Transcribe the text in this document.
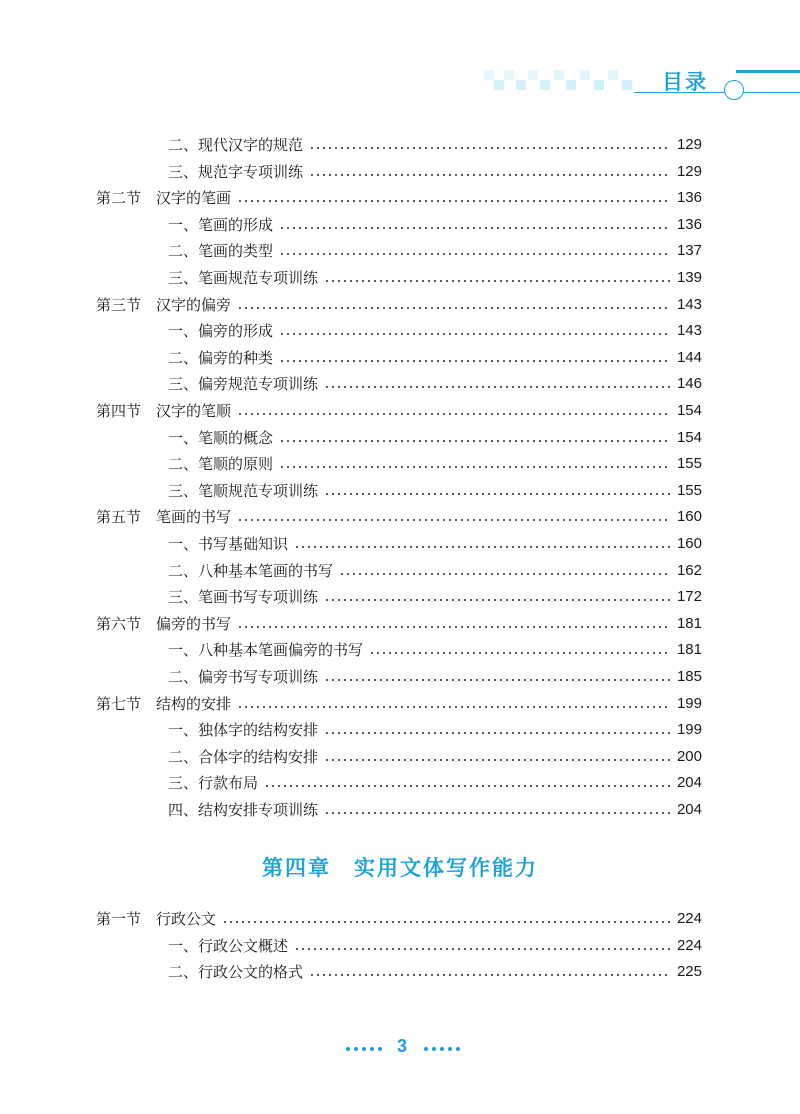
目录
二、现代汉字的规范	129
三、规范字专项训练	129
第二节　汉字的笔画	136
一、笔画的形成	136
二、笔画的类型	137
三、笔画规范专项训练	139
第三节　汉字的偏旁	143
一、偏旁的形成	143
二、偏旁的种类	144
三、偏旁规范专项训练	146
第四节　汉字的笔顺	154
一、笔顺的概念	154
二、笔顺的原则	155
三、笔顺规范专项训练	155
第五节　笔画的书写	160
一、书写基础知识	160
二、八种基本笔画的书写	162
三、笔画书写专项训练	172
第六节　偏旁的书写	181
一、八种基本笔画偏旁的书写	181
二、偏旁书写专项训练	185
第七节　结构的安排	199
一、独体字的结构安排	199
二、合体字的结构安排	200
三、行款布局	204
四、结构安排专项训练	204
第一节　行政公文	224
一、行政公文概述	224
二、行政公文的格式	225
第四章　实用文体写作能力
3
